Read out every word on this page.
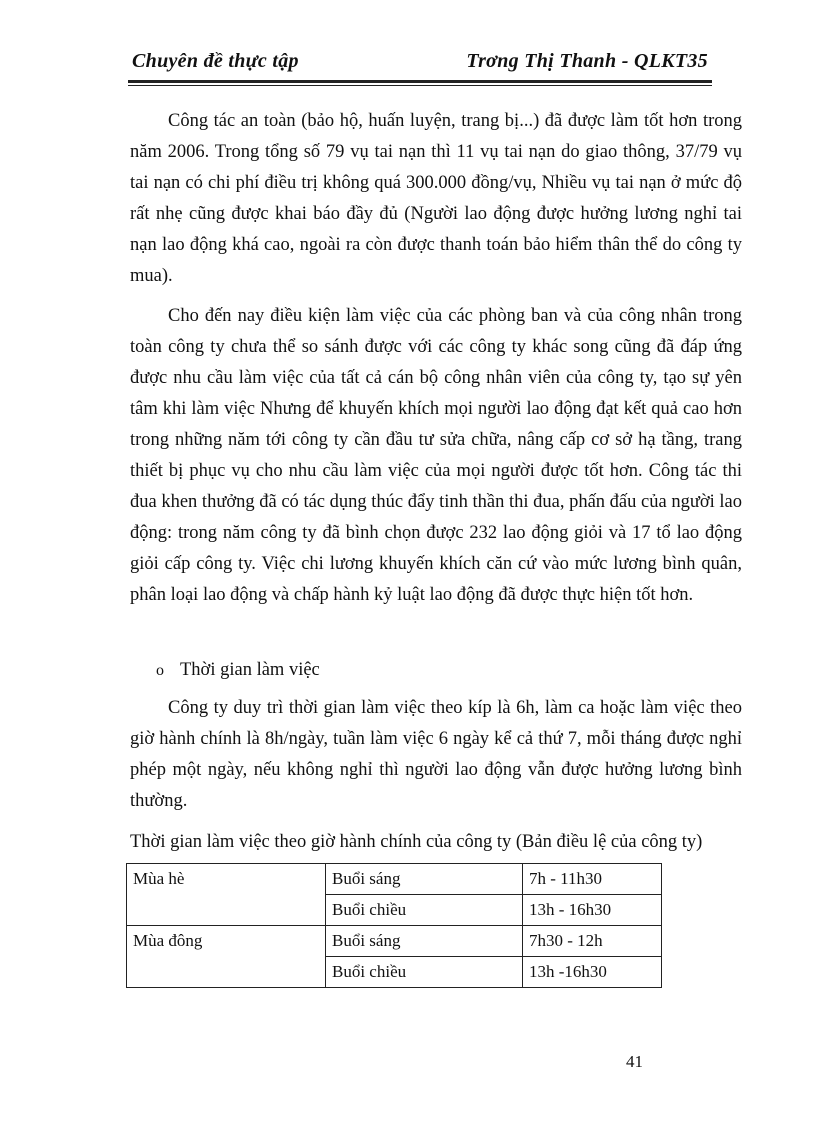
Chuyên đề thực tập	Trơng Thị Thanh - QLKT35

Công tác an toàn (bảo hộ, huấn luyện, trang bị...) đã được làm tốt hơn trong năm 2006. Trong tổng số 79 vụ tai nạn thì 11 vụ tai nạn do giao thông, 37/79 vụ tai nạn có chi phí điều trị không quá 300.000 đồng/vụ, Nhiều vụ tai nạn ở mức độ rất nhẹ cũng được khai báo đầy đủ (Người lao động được hưởng lương nghỉ tai nạn lao động khá cao, ngoài ra còn được thanh toán bảo hiểm thân thể do công ty mua).

Cho đến nay điều kiện làm việc của các phòng ban và của công nhân trong toàn công ty chưa thể so sánh được với các công ty khác song cũng đã đáp ứng được nhu cầu làm việc của tất cả cán bộ công nhân viên của công ty, tạo sự yên tâm khi làm việc Nhưng để khuyến khích mọi người lao động đạt kết quả cao hơn trong những năm tới công ty cần đầu tư sửa chữa, nâng cấp cơ sở hạ tầng, trang thiết bị phục vụ cho nhu cầu làm việc của mọi người được tốt hơn. Công tác thi đua khen thưởng đã có tác dụng thúc đẩy tinh thần thi đua, phấn đấu của người lao động: trong năm công ty đã bình chọn được 232 lao động giỏi và 17 tổ lao động giỏi cấp công ty. Việc chi lương khuyến khích căn cứ vào mức lương bình quân, phân loại lao động và chấp hành kỷ luật lao động đã được thực hiện tốt hơn.

o Thời gian làm việc

Công ty duy trì thời gian làm việc theo kíp là 6h, làm ca hoặc làm việc theo giờ hành chính là 8h/ngày, tuần làm việc 6 ngày kể cả thứ 7, mỗi tháng được nghỉ phép một ngày, nếu không nghỉ thì người lao động vẫn được hưởng lương bình thường.

Thời gian làm việc theo giờ hành chính của công ty (Bản điều lệ của công ty)
Mùa hè	Buổi sáng	7h - 11h30
	Buổi chiều	13h - 16h30
Mùa đông	Buổi sáng	7h30 - 12h
	Buổi chiều	13h -16h30
41
